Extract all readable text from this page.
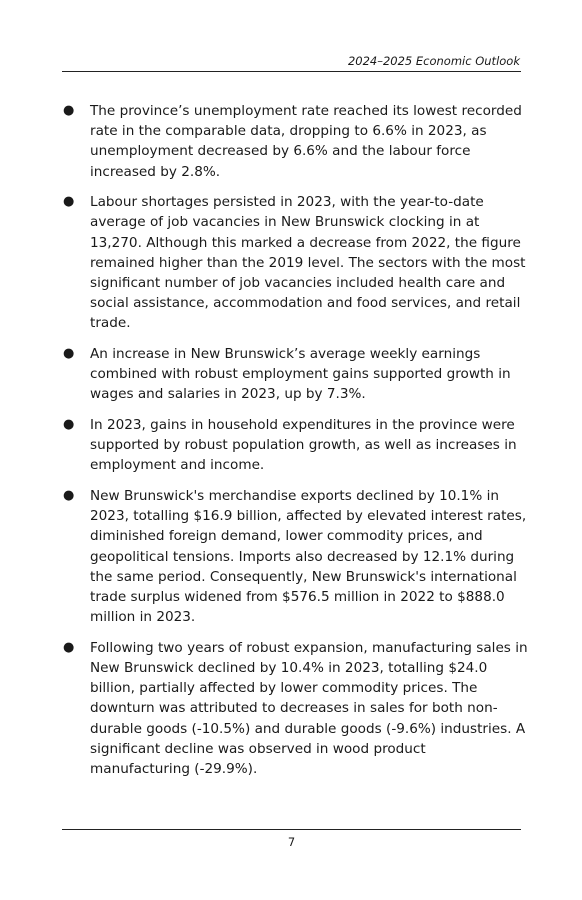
2024–2025 Economic Outlook
● The province’s unemployment rate reached its lowest recorded rate in the comparable data, dropping to 6.6% in 2023, as unemployment decreased by 6.6% and the labour force increased by 2.8%.
● Labour shortages persisted in 2023, with the year-to-date average of job vacancies in New Brunswick clocking in at 13,270. Although this marked a decrease from 2022, the figure remained higher than the 2019 level. The sectors with the most significant number of job vacancies included health care and social assistance, accommodation and food services, and retail trade.
● An increase in New Brunswick’s average weekly earnings combined with robust employment gains supported growth in wages and salaries in 2023, up by 7.3%.
● In 2023, gains in household expenditures in the province were supported by robust population growth, as well as increases in employment and income.
● New Brunswick's merchandise exports declined by 10.1% in 2023, totalling $16.9 billion, affected by elevated interest rates, diminished foreign demand, lower commodity prices, and geopolitical tensions. Imports also decreased by 12.1% during the same period. Consequently, New Brunswick's international trade surplus widened from $576.5 million in 2022 to $888.0 million in 2023.
● Following two years of robust expansion, manufacturing sales in New Brunswick declined by 10.4% in 2023, totalling $24.0 billion, partially affected by lower commodity prices. The downturn was attributed to decreases in sales for both non-durable goods (-10.5%) and durable goods (-9.6%) industries. A significant decline was observed in wood product manufacturing (-29.9%).
7
